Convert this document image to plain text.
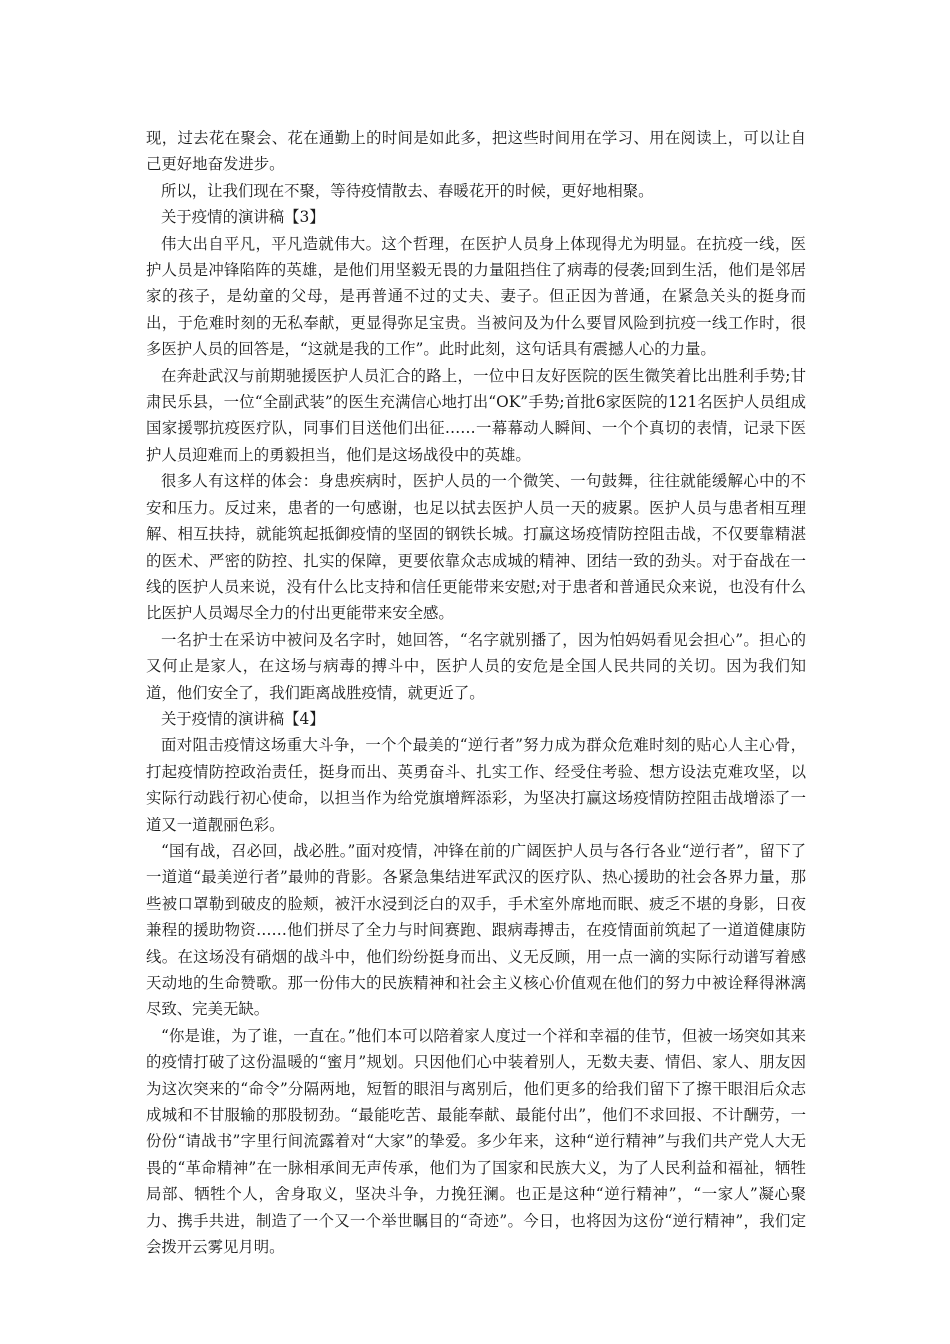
现，过去花在聚会、花在通勤上的时间是如此多，把这些时间用在学习、用在阅读上，可以让自己更好地奋发进步。

所以，让我们现在不聚，等待疫情散去、春暖花开的时候，更好地相聚。

关于疫情的演讲稿【3】

伟大出自平凡，平凡造就伟大。这个哲理，在医护人员身上体现得尤为明显。在抗疫一线，医护人员是冲锋陷阵的英雄，是他们用坚毅无畏的力量阻挡住了病毒的侵袭;回到生活，他们是邻居家的孩子，是幼童的父母，是再普通不过的丈夫、妻子。但正因为普通，在紧急关头的挺身而出，于危难时刻的无私奉献，更显得弥足宝贵。当被问及为什么要冒风险到抗疫一线工作时，很多医护人员的回答是，“这就是我的工作”。此时此刻，这句话具有震撼人心的力量。

在奔赴武汉与前期驰援医护人员汇合的路上，一位中日友好医院的医生微笑着比出胜利手势;甘肃民乐县，一位“全副武装”的医生充满信心地打出“OK”手势;首批6家医院的121名医护人员组成国家援鄂抗疫医疗队，同事们目送他们出征……一幕幕动人瞬间、一个个真切的表情，记录下医护人员迎难而上的勇毅担当，他们是这场战役中的英雄。

很多人有这样的体会：身患疾病时，医护人员的一个微笑、一句鼓舞，往往就能缓解心中的不安和压力。反过来，患者的一句感谢，也足以拭去医护人员一天的疲累。医护人员与患者相互理解、相互扶持，就能筑起抵御疫情的坚固的钢铁长城。打赢这场疫情防控阻击战，不仅要靠精湛的医术、严密的防控、扎实的保障，更要依靠众志成城的精神、团结一致的劲头。对于奋战在一线的医护人员来说，没有什么比支持和信任更能带来安慰;对于患者和普通民众来说，也没有什么比医护人员竭尽全力的付出更能带来安全感。

一名护士在采访中被问及名字时，她回答，“名字就别播了，因为怕妈妈看见会担心”。担心的又何止是家人，在这场与病毒的搏斗中，医护人员的安危是全国人民共同的关切。因为我们知道，他们安全了，我们距离战胜疫情，就更近了。

关于疫情的演讲稿【4】

面对阻击疫情这场重大斗争，一个个最美的“逆行者”努力成为群众危难时刻的贴心人主心骨，打起疫情防控政治责任，挺身而出、英勇奋斗、扎实工作、经受住考验、想方设法克难攻坚，以实际行动践行初心使命，以担当作为给党旗增辉添彩，为坚决打赢这场疫情防控阻击战增添了一道又一道靓丽色彩。

“国有战，召必回，战必胜。”面对疫情，冲锋在前的广阔医护人员与各行各业“逆行者”，留下了一道道“最美逆行者”最帅的背影。各紧急集结进军武汉的医疗队、热心援助的社会各界力量，那些被口罩勒到破皮的脸颊，被汗水浸到泛白的双手，手术室外席地而眠、疲乏不堪的身影，日夜兼程的援助物资……他们拼尽了全力与时间赛跑、跟病毒搏击，在疫情面前筑起了一道道健康防线。在这场没有硝烟的战斗中，他们纷纷挺身而出、义无反顾，用一点一滴的实际行动谱写着感天动地的生命赞歌。那一份伟大的民族精神和社会主义核心价值观在他们的努力中被诠释得淋漓尽致、完美无缺。

“你是谁，为了谁，一直在。”他们本可以陪着家人度过一个祥和幸福的佳节，但被一场突如其来的疫情打破了这份温暖的“蜜月”规划。只因他们心中装着别人，无数夫妻、情侣、家人、朋友因为这次突来的“命令”分隔两地，短暂的眼泪与离别后，他们更多的给我们留下了擦干眼泪后众志成城和不甘服输的那股韧劲。“最能吃苦、最能奉献、最能付出”，他们不求回报、不计酬劳，一份份“请战书”字里行间流露着对“大家”的挚爱。多少年来，这种“逆行精神”与我们共产党人大无畏的“革命精神”在一脉相承间无声传承，他们为了国家和民族大义，为了人民利益和福祉，牺牲局部、牺牲个人，舍身取义，坚决斗争，力挽狂澜。也正是这种“逆行精神”，“一家人”凝心聚力、携手共进，制造了一个又一个举世瞩目的“奇迹”。今日，也将因为这份“逆行精神”，我们定会拨开云雾见月明。
